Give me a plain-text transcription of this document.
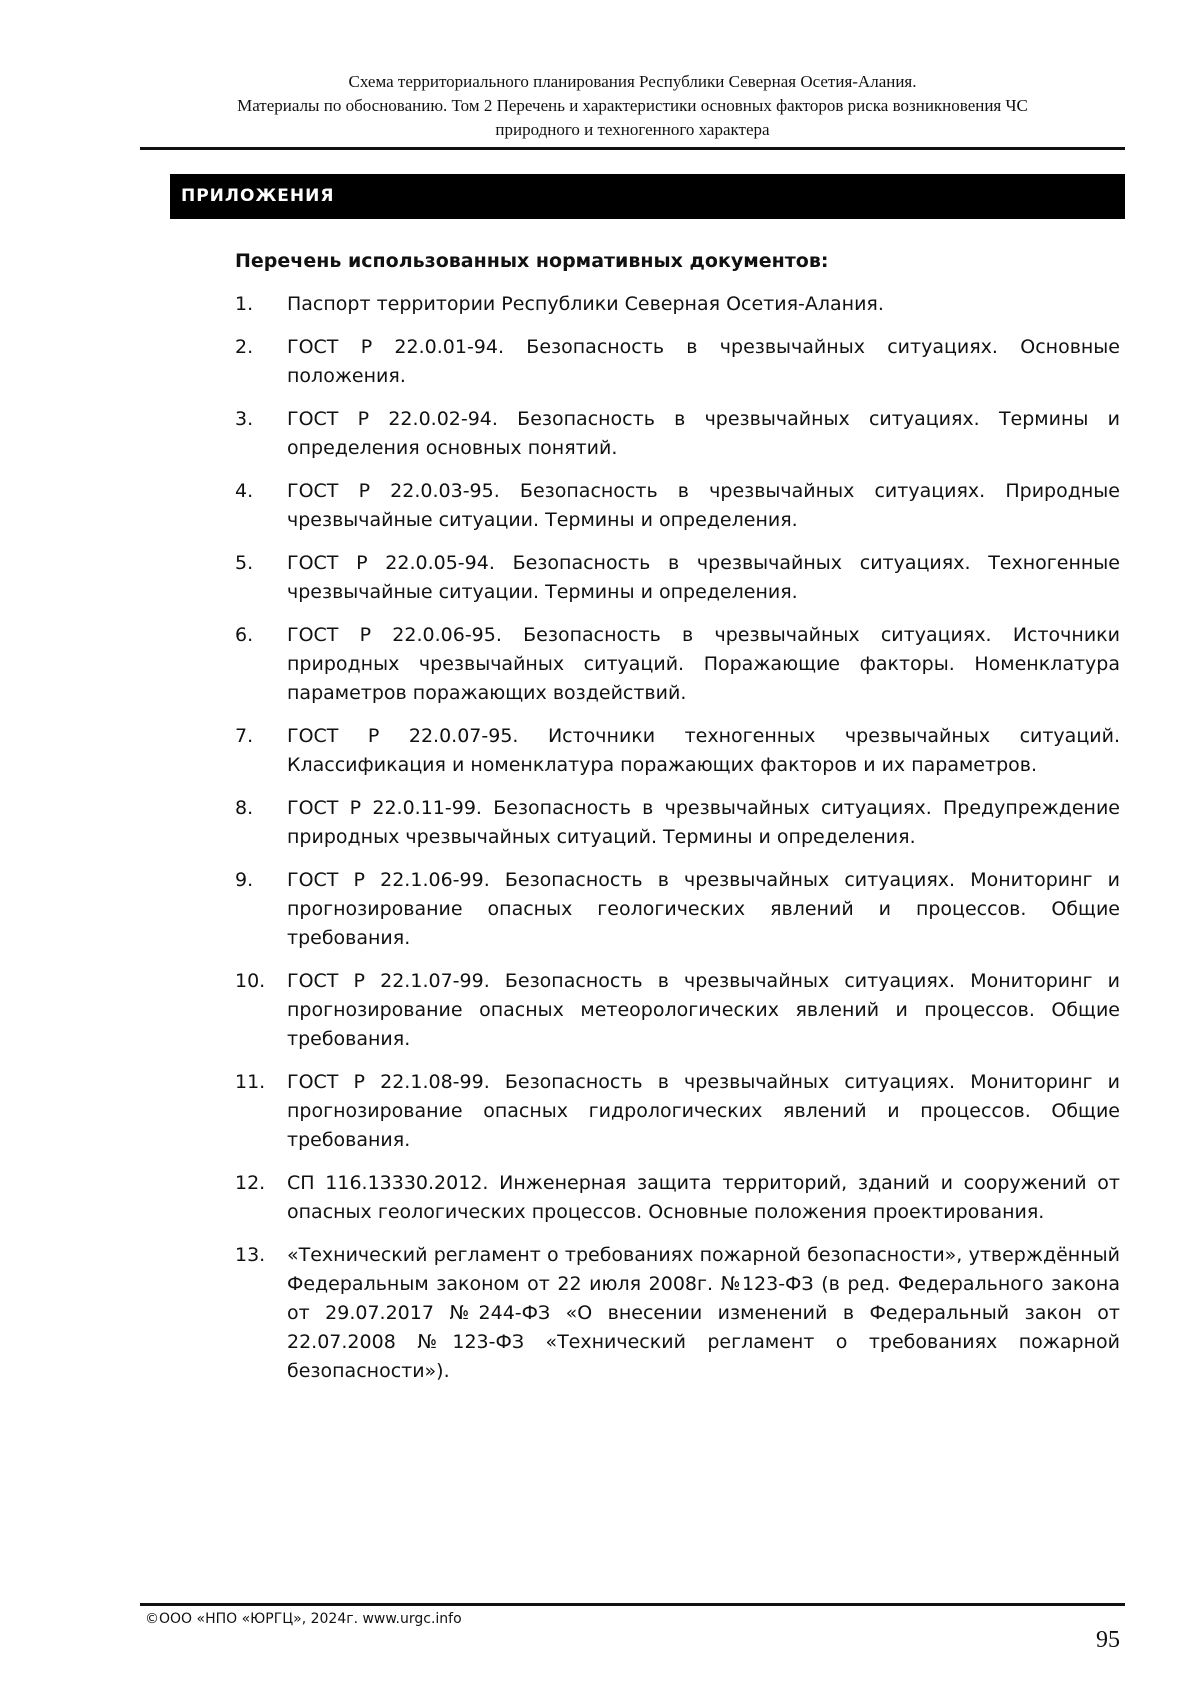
Схема территориального планирования Республики Северная Осетия-Алания.
Материалы по обоснованию. Том 2 Перечень и характеристики основных факторов риска возникновения ЧС
природного и техногенного характера
ПРИЛОЖЕНИЯ
Перечень использованных нормативных документов:
1.	Паспорт территории Республики Северная Осетия-Алания.
2.	ГОСТ Р 22.0.01-94. Безопасность в чрезвычайных ситуациях. Основные положения.
3.	ГОСТ Р 22.0.02-94. Безопасность в чрезвычайных ситуациях. Термины и определения основных понятий.
4.	ГОСТ Р 22.0.03-95. Безопасность в чрезвычайных ситуациях. Природные чрезвычайные ситуации. Термины и определения.
5.	ГОСТ Р 22.0.05-94. Безопасность в чрезвычайных ситуациях. Техногенные чрезвычайные ситуации. Термины и определения.
6.	ГОСТ Р 22.0.06-95. Безопасность в чрезвычайных ситуациях. Источники природных чрезвычайных ситуаций. Поражающие факторы. Номенклатура параметров поражающих воздействий.
7.	ГОСТ Р 22.0.07-95. Источники техногенных чрезвычайных ситуаций. Классификация и номенклатура поражающих факторов и их параметров.
8.	ГОСТ Р 22.0.11-99. Безопасность в чрезвычайных ситуациях. Предупреждение природных чрезвычайных ситуаций. Термины и определения.
9.	ГОСТ Р 22.1.06-99. Безопасность в чрезвычайных ситуациях. Мониторинг и прогнозирование опасных геологических явлений и процессов. Общие требования.
10.	ГОСТ Р 22.1.07-99. Безопасность в чрезвычайных ситуациях. Мониторинг и прогнозирование опасных метеорологических явлений и процессов. Общие требования.
11.	ГОСТ Р 22.1.08-99. Безопасность в чрезвычайных ситуациях. Мониторинг и прогнозирование опасных гидрологических явлений и процессов. Общие требования.
12.	СП 116.13330.2012. Инженерная защита территорий, зданий и сооружений от опасных геологических процессов. Основные положения проектирования.
13.	«Технический регламент о требованиях пожарной безопасности», утверждённый Федеральным законом от 22 июля 2008г. №123-ФЗ (в ред. Федерального закона от 29.07.2017 №244-ФЗ «О внесении изменений в Федеральный закон от 22.07.2008 №123-ФЗ «Технический регламент о требованиях пожарной безопасности»).
©ООО «НПО «ЮРГЦ», 2024г. www.urgc.info
95
